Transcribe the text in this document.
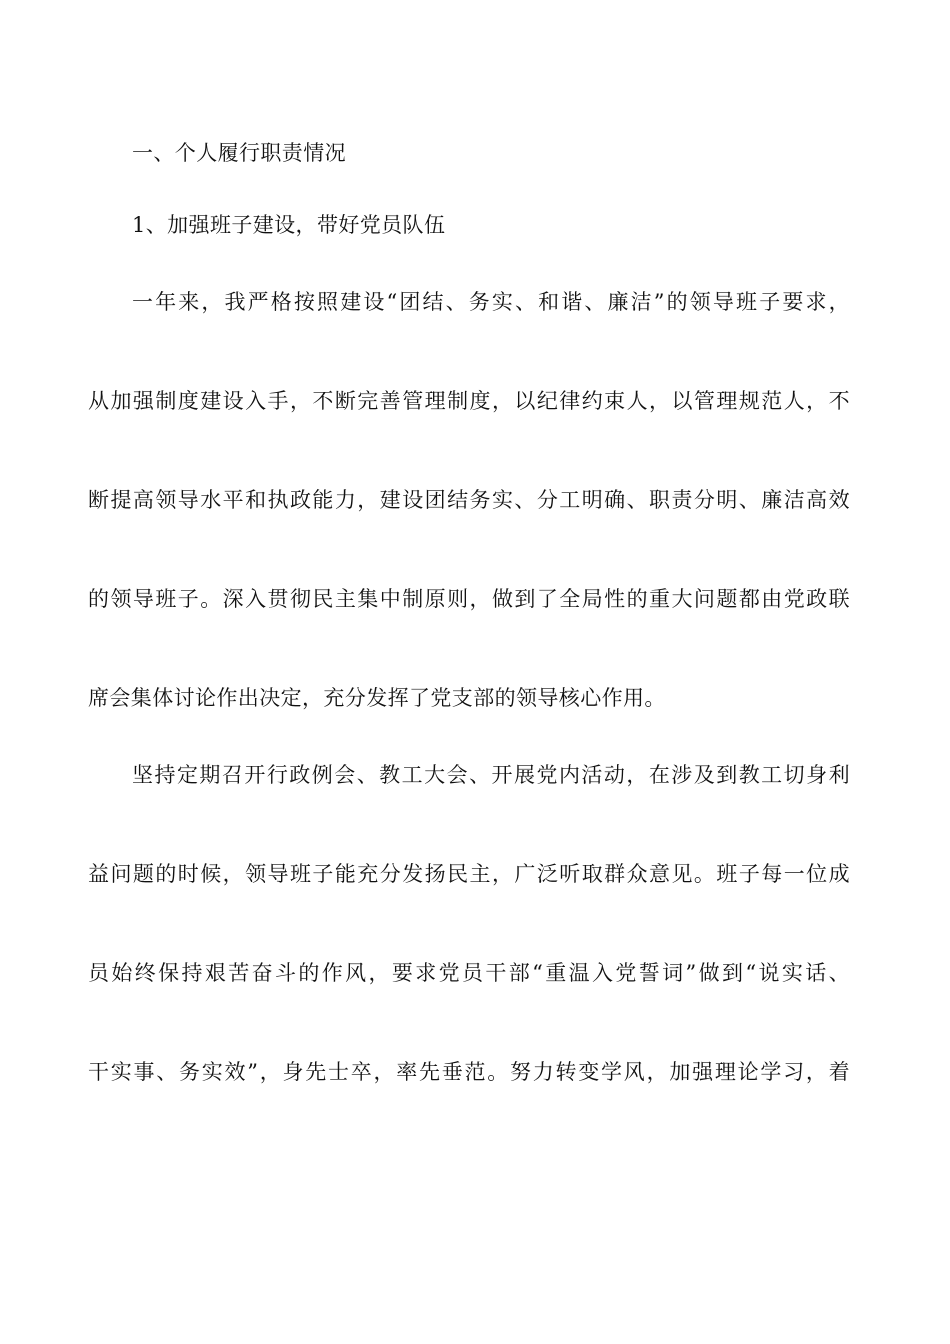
一、个人履行职责情况
1、加强班子建设，带好党员队伍
一年来，我严格按照建设“团结、务实、和谐、廉洁”的领导班子要求，
从加强制度建设入手，不断完善管理制度，以纪律约束人，以管理规范人，不
断提高领导水平和执政能力，建设团结务实、分工明确、职责分明、廉洁高效
的领导班子。深入贯彻民主集中制原则，做到了全局性的重大问题都由党政联
席会集体讨论作出决定，充分发挥了党支部的领导核心作用。
坚持定期召开行政例会、教工大会、开展党内活动，在涉及到教工切身利
益问题的时候，领导班子能充分发扬民主，广泛听取群众意见。班子每一位成
员始终保持艰苦奋斗的作风，要求党员干部“重温入党誓词”做到“说实话、
干实事、务实效”，身先士卒，率先垂范。努力转变学风，加强理论学习，着
